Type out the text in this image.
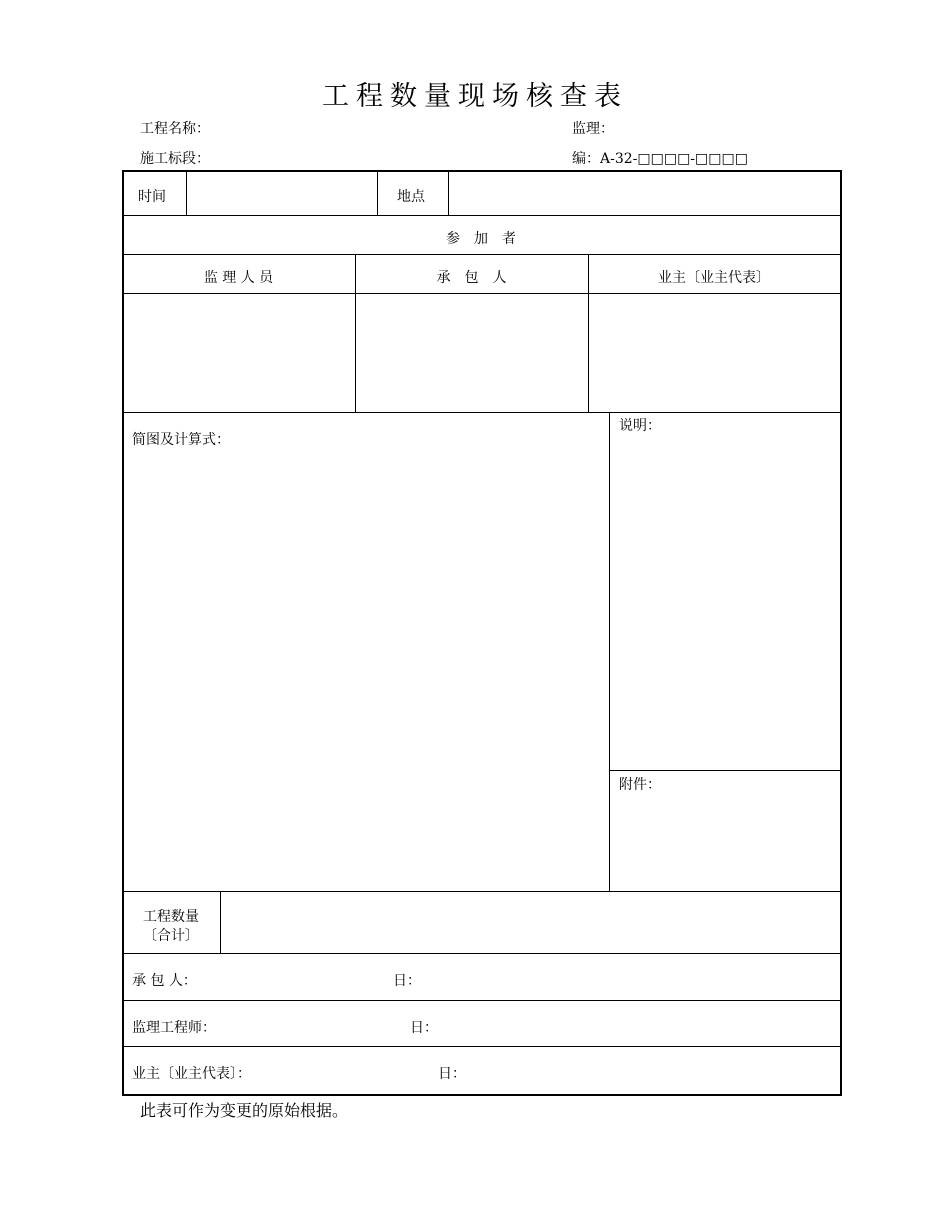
工程数量现场核查表
工程名称：	监理：
施工标段：	编：A-32-□□□□-□□□□
时间	地点
参　加　者
监 理 人 员	承　包　人	业主〔业主代表〕
简图及计算式：
说明：
附件：
工程数量
〔合计〕
承 包 人：	日：
监理工程师：	日：
业主〔业主代表〕：	日：
此表可作为变更的原始根据。
